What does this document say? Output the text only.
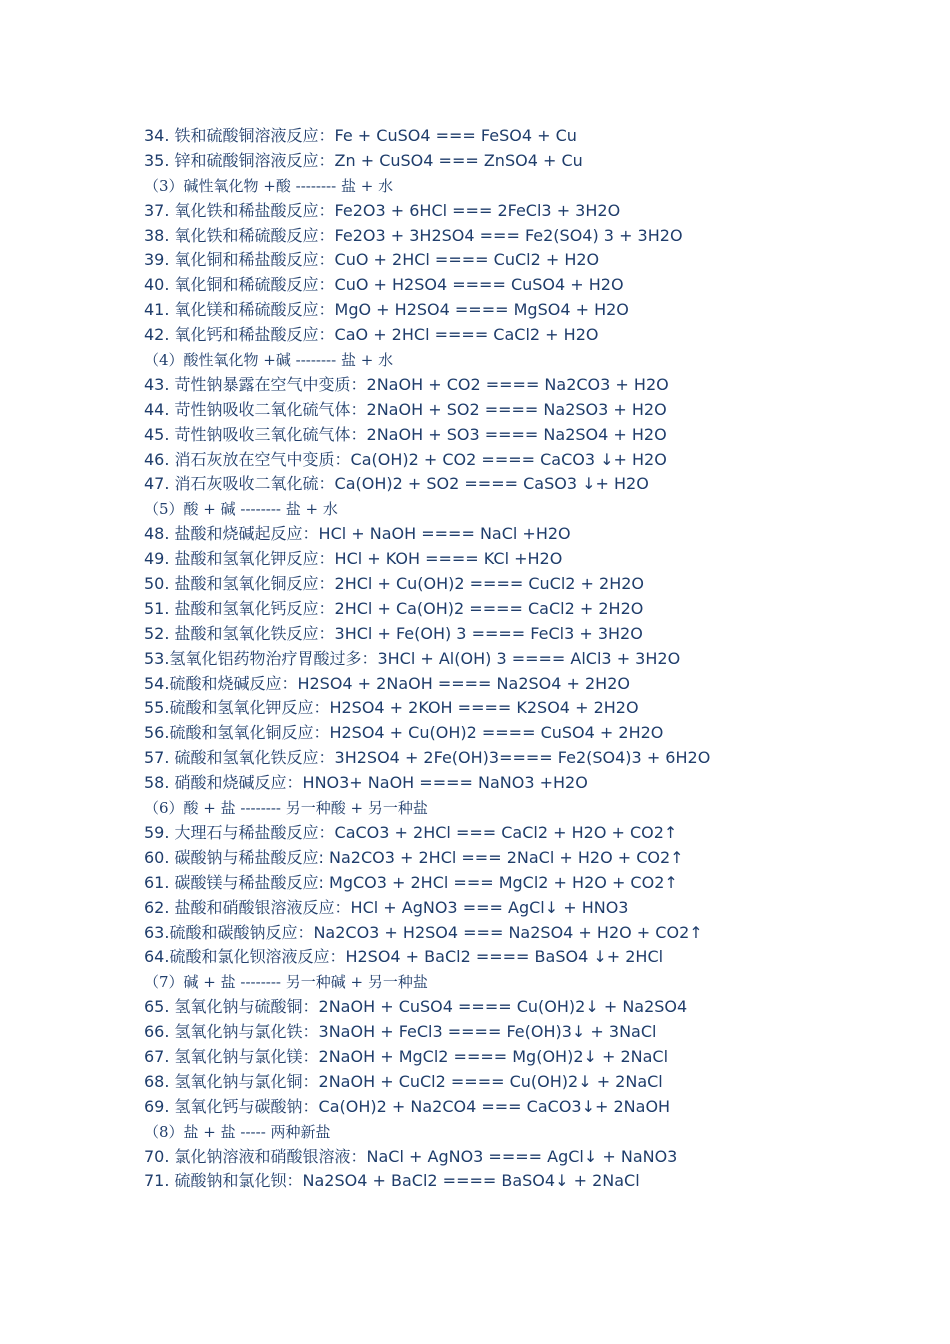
34. 铁和硫酸铜溶液反应：Fe + CuSO4 === FeSO4 + Cu
35. 锌和硫酸铜溶液反应：Zn + CuSO4 === ZnSO4 + Cu
（3）碱性氧化物 +酸 -------- 盐 + 水
37. 氧化铁和稀盐酸反应：Fe2O3 + 6HCl === 2FeCl3 + 3H2O
38. 氧化铁和稀硫酸反应：Fe2O3 + 3H2SO4 === Fe2(SO4) 3 + 3H2O
39. 氧化铜和稀盐酸反应：CuO + 2HCl ==== CuCl2 + H2O
40. 氧化铜和稀硫酸反应：CuO + H2SO4 ==== CuSO4 + H2O
41. 氧化镁和稀硫酸反应：MgO + H2SO4 ==== MgSO4 + H2O
42. 氧化钙和稀盐酸反应：CaO + 2HCl ==== CaCl2 + H2O
（4）酸性氧化物 +碱 -------- 盐 + 水
43. 苛性钠暴露在空气中变质：2NaOH + CO2 ==== Na2CO3 + H2O
44. 苛性钠吸收二氧化硫气体：2NaOH + SO2 ==== Na2SO3 + H2O
45. 苛性钠吸收三氧化硫气体：2NaOH + SO3 ==== Na2SO4 + H2O
46. 消石灰放在空气中变质：Ca(OH)2 + CO2 ==== CaCO3 ↓+ H2O
47. 消石灰吸收二氧化硫：Ca(OH)2 + SO2 ==== CaSO3 ↓+ H2O
（5）酸 + 碱 -------- 盐 + 水
48. 盐酸和烧碱起反应：HCl + NaOH ==== NaCl +H2O
49. 盐酸和氢氧化钾反应：HCl + KOH ==== KCl +H2O
50. 盐酸和氢氧化铜反应：2HCl + Cu(OH)2 ==== CuCl2 + 2H2O
51. 盐酸和氢氧化钙反应：2HCl + Ca(OH)2 ==== CaCl2 + 2H2O
52. 盐酸和氢氧化铁反应：3HCl + Fe(OH) 3 ==== FeCl3 + 3H2O
53.氢氧化铝药物治疗胃酸过多：3HCl + Al(OH) 3 ==== AlCl3 + 3H2O
54.硫酸和烧碱反应：H2SO4 + 2NaOH ==== Na2SO4 + 2H2O
55.硫酸和氢氧化钾反应：H2SO4 + 2KOH ==== K2SO4 + 2H2O
56.硫酸和氢氧化铜反应：H2SO4 + Cu(OH)2 ==== CuSO4 + 2H2O
57. 硫酸和氢氧化铁反应：3H2SO4 + 2Fe(OH)3==== Fe2(SO4)3 + 6H2O
58. 硝酸和烧碱反应：HNO3+ NaOH ==== NaNO3 +H2O
（6）酸 + 盐 -------- 另一种酸 + 另一种盐
59. 大理石与稀盐酸反应：CaCO3 + 2HCl === CaCl2 + H2O + CO2↑
60. 碳酸钠与稀盐酸反应: Na2CO3 + 2HCl === 2NaCl + H2O + CO2↑
61. 碳酸镁与稀盐酸反应: MgCO3 + 2HCl === MgCl2 + H2O + CO2↑
62. 盐酸和硝酸银溶液反应：HCl + AgNO3 === AgCl↓ + HNO3
63.硫酸和碳酸钠反应：Na2CO3 + H2SO4 === Na2SO4 + H2O + CO2↑
64.硫酸和氯化钡溶液反应：H2SO4 + BaCl2 ==== BaSO4 ↓+ 2HCl
（7）碱 + 盐 -------- 另一种碱 + 另一种盐
65. 氢氧化钠与硫酸铜：2NaOH + CuSO4 ==== Cu(OH)2↓ + Na2SO4
66. 氢氧化钠与氯化铁：3NaOH + FeCl3 ==== Fe(OH)3↓ + 3NaCl
67. 氢氧化钠与氯化镁：2NaOH + MgCl2 ==== Mg(OH)2↓ + 2NaCl
68. 氢氧化钠与氯化铜：2NaOH + CuCl2 ==== Cu(OH)2↓ + 2NaCl
69. 氢氧化钙与碳酸钠：Ca(OH)2 + Na2CO4 === CaCO3↓+ 2NaOH
（8）盐 + 盐 ----- 两种新盐
70. 氯化钠溶液和硝酸银溶液：NaCl + AgNO3 ==== AgCl↓ + NaNO3
71. 硫酸钠和氯化钡：Na2SO4 + BaCl2 ==== BaSO4↓ + 2NaCl
